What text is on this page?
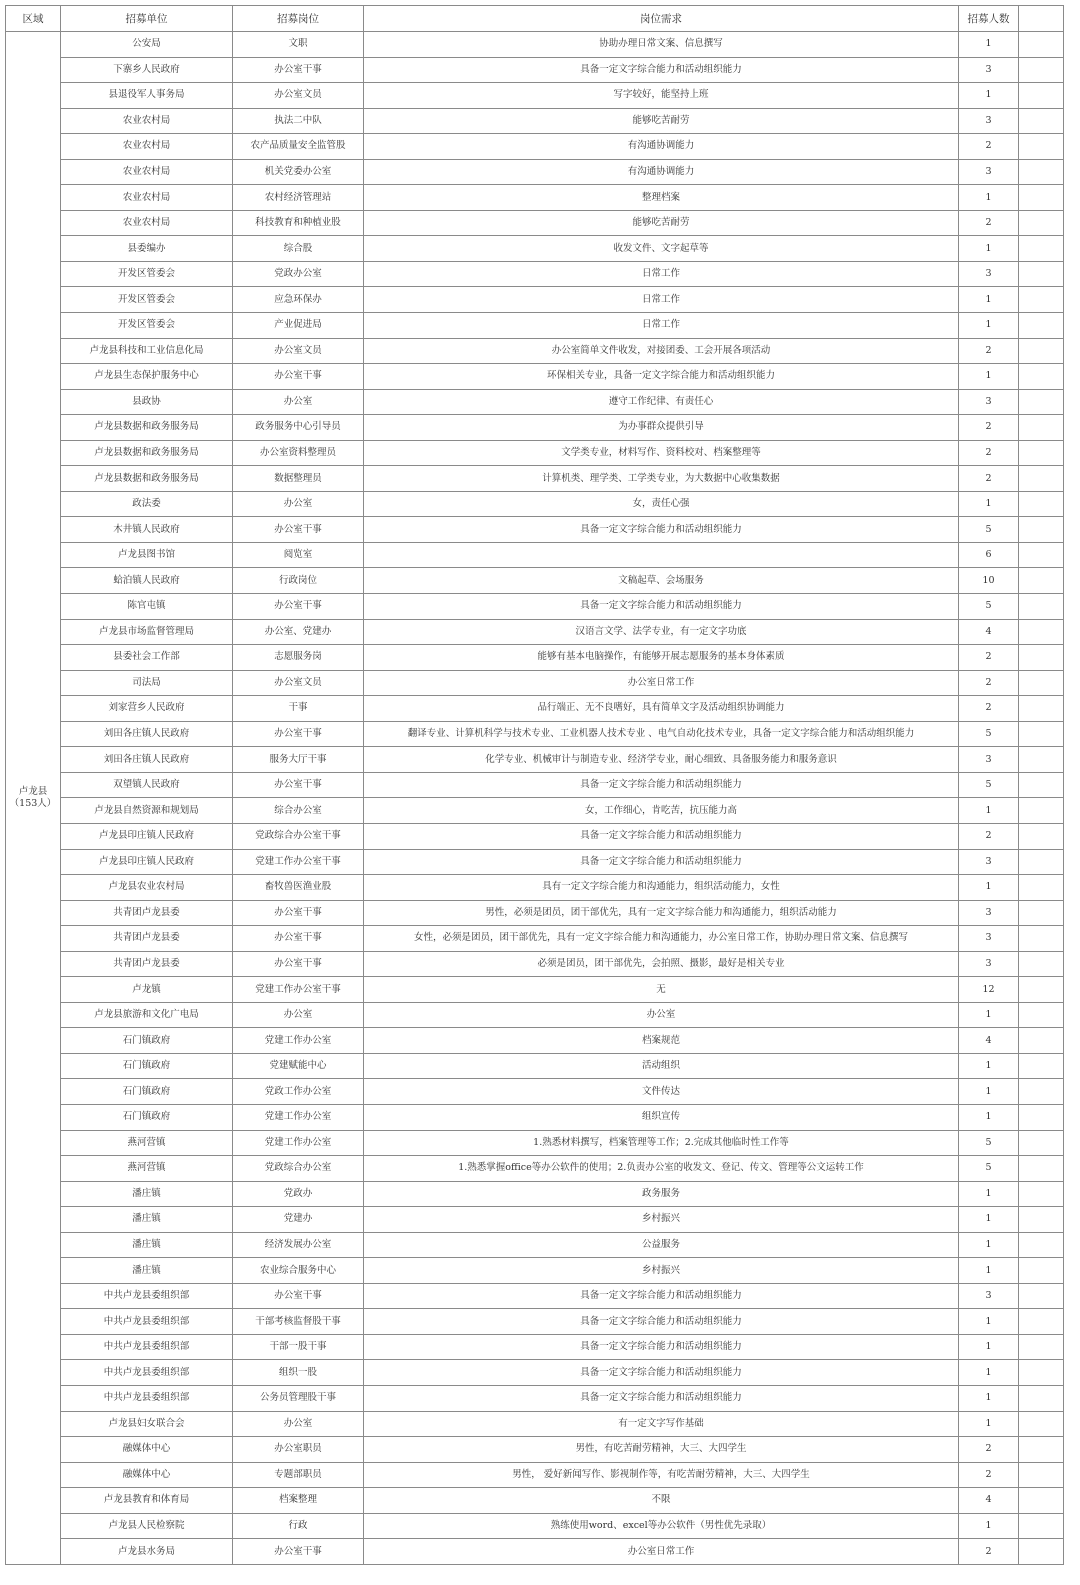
区域	招募单位	招募岗位	岗位需求	招募人数	

卢龙县
（153人）	公安局	文职	协助办理日常文案、信息撰写	1	
	下寨乡人民政府	办公室干事	具备一定文字综合能力和活动组织能力	3	
	县退役军人事务局	办公室文员	写字较好，能坚持上班	1	
	农业农村局	执法二中队	能够吃苦耐劳	3	
	农业农村局	农产品质量安全监管股	有沟通协调能力	2	
	农业农村局	机关党委办公室	有沟通协调能力	3	
	农业农村局	农村经济管理站	整理档案	1	
	农业农村局	科技教育和种植业股	能够吃苦耐劳	2	
	县委编办	综合股	收发文件、文字起草等	1	
	开发区管委会	党政办公室	日常工作	3	
	开发区管委会	应急环保办	日常工作	1	
	开发区管委会	产业促进局	日常工作	1	
	卢龙县科技和工业信息化局	办公室文员	办公室简单文件收发，对接团委、工会开展各项活动	2	
	卢龙县生态保护服务中心	办公室干事	环保相关专业，具备一定文字综合能力和活动组织能力	1	
	县政协	办公室	遵守工作纪律、有责任心	3	
	卢龙县数据和政务服务局	政务服务中心引导员	为办事群众提供引导	2	
	卢龙县数据和政务服务局	办公室资料整理员	文学类专业，材料写作、资料校对、档案整理等	2	
	卢龙县数据和政务服务局	数据整理员	计算机类、理学类、工学类专业，为大数据中心收集数据	2	
	政法委	办公室	女，责任心强	1	
	木井镇人民政府	办公室干事	具备一定文字综合能力和活动组织能力	5	
	卢龙县图书馆	阅览室		6	
	蛤泊镇人民政府	行政岗位	文稿起草、会场服务	10	
	陈官屯镇	办公室干事	具备一定文字综合能力和活动组织能力	5	
	卢龙县市场监督管理局	办公室、党建办	汉语言文学、法学专业，有一定文字功底	4	
	县委社会工作部	志愿服务岗	能够有基本电脑操作，有能够开展志愿服务的基本身体素质	2	
	司法局	办公室文员	办公室日常工作	2	
	刘家营乡人民政府	干事	品行端正、无不良嗜好，具有简单文字及活动组织协调能力	2	
	刘田各庄镇人民政府	办公室干事	翻译专业、计算机科学与技术专业、工业机器人技术专业 、电气自动化技术专业，具备一定文字综合能力和活动组织能力	5	
	刘田各庄镇人民政府	服务大厅干事	化学专业、机械审计与制造专业、经济学专业，耐心细致、具备服务能力和服务意识	3	
	双望镇人民政府	办公室干事	具备一定文字综合能力和活动组织能力	5	
	卢龙县自然资源和规划局	综合办公室	女，工作细心，肯吃苦，抗压能力高	1	
	卢龙县印庄镇人民政府	党政综合办公室干事	具备一定文字综合能力和活动组织能力	2	
	卢龙县印庄镇人民政府	党建工作办公室干事	具备一定文字综合能力和活动组织能力	3	
	卢龙县农业农村局	畜牧兽医渔业股	具有一定文字综合能力和沟通能力，组织活动能力，女性	1	
	共青团卢龙县委	办公室干事	男性，必须是团员，团干部优先，具有一定文字综合能力和沟通能力，组织活动能力	3	
	共青团卢龙县委	办公室干事	女性，必须是团员，团干部优先，具有一定文字综合能力和沟通能力，办公室日常工作，协助办理日常文案、信息撰写	3	
	共青团卢龙县委	办公室干事	必须是团员，团干部优先，会拍照、摄影，最好是相关专业	3	
	卢龙镇	党建工作办公室干事	无	12	
	卢龙县旅游和文化广电局	办公室	办公室	1	
	石门镇政府	党建工作办公室	档案规范	4	
	石门镇政府	党建赋能中心	活动组织	1	
	石门镇政府	党政工作办公室	文件传达	1	
	石门镇政府	党建工作办公室	组织宣传	1	
	燕河营镇	党建工作办公室	1.熟悉材料撰写，档案管理等工作；2.完成其他临时性工作等	5	
	燕河营镇	党政综合办公室	1.熟悉掌握office等办公软件的使用；2.负责办公室的收发文、登记、传文、管理等公文运转工作	5	
	潘庄镇	党政办	政务服务	1	
	潘庄镇	党建办	乡村振兴	1	
	潘庄镇	经济发展办公室	公益服务	1	
	潘庄镇	农业综合服务中心	乡村振兴	1	
	中共卢龙县委组织部	办公室干事	具备一定文字综合能力和活动组织能力	3	
	中共卢龙县委组织部	干部考核监督股干事	具备一定文字综合能力和活动组织能力	1	
	中共卢龙县委组织部	干部一股干事	具备一定文字综合能力和活动组织能力	1	
	中共卢龙县委组织部	组织一股	具备一定文字综合能力和活动组织能力	1	
	中共卢龙县委组织部	公务员管理股干事	具备一定文字综合能力和活动组织能力	1	
	卢龙县妇女联合会	办公室	有一定文字写作基础	1	
	融媒体中心	办公室职员	男性，有吃苦耐劳精神，大三、大四学生	2	
	融媒体中心	专题部职员	男性， 爱好新闻写作、影视制作等，有吃苦耐劳精神，大三、大四学生	2	
	卢龙县教育和体育局	档案整理	不限	4	
	卢龙县人民检察院	行政	熟练使用word、excel等办公软件（男性优先录取）	1	
	卢龙县水务局	办公室干事	办公室日常工作	2	
